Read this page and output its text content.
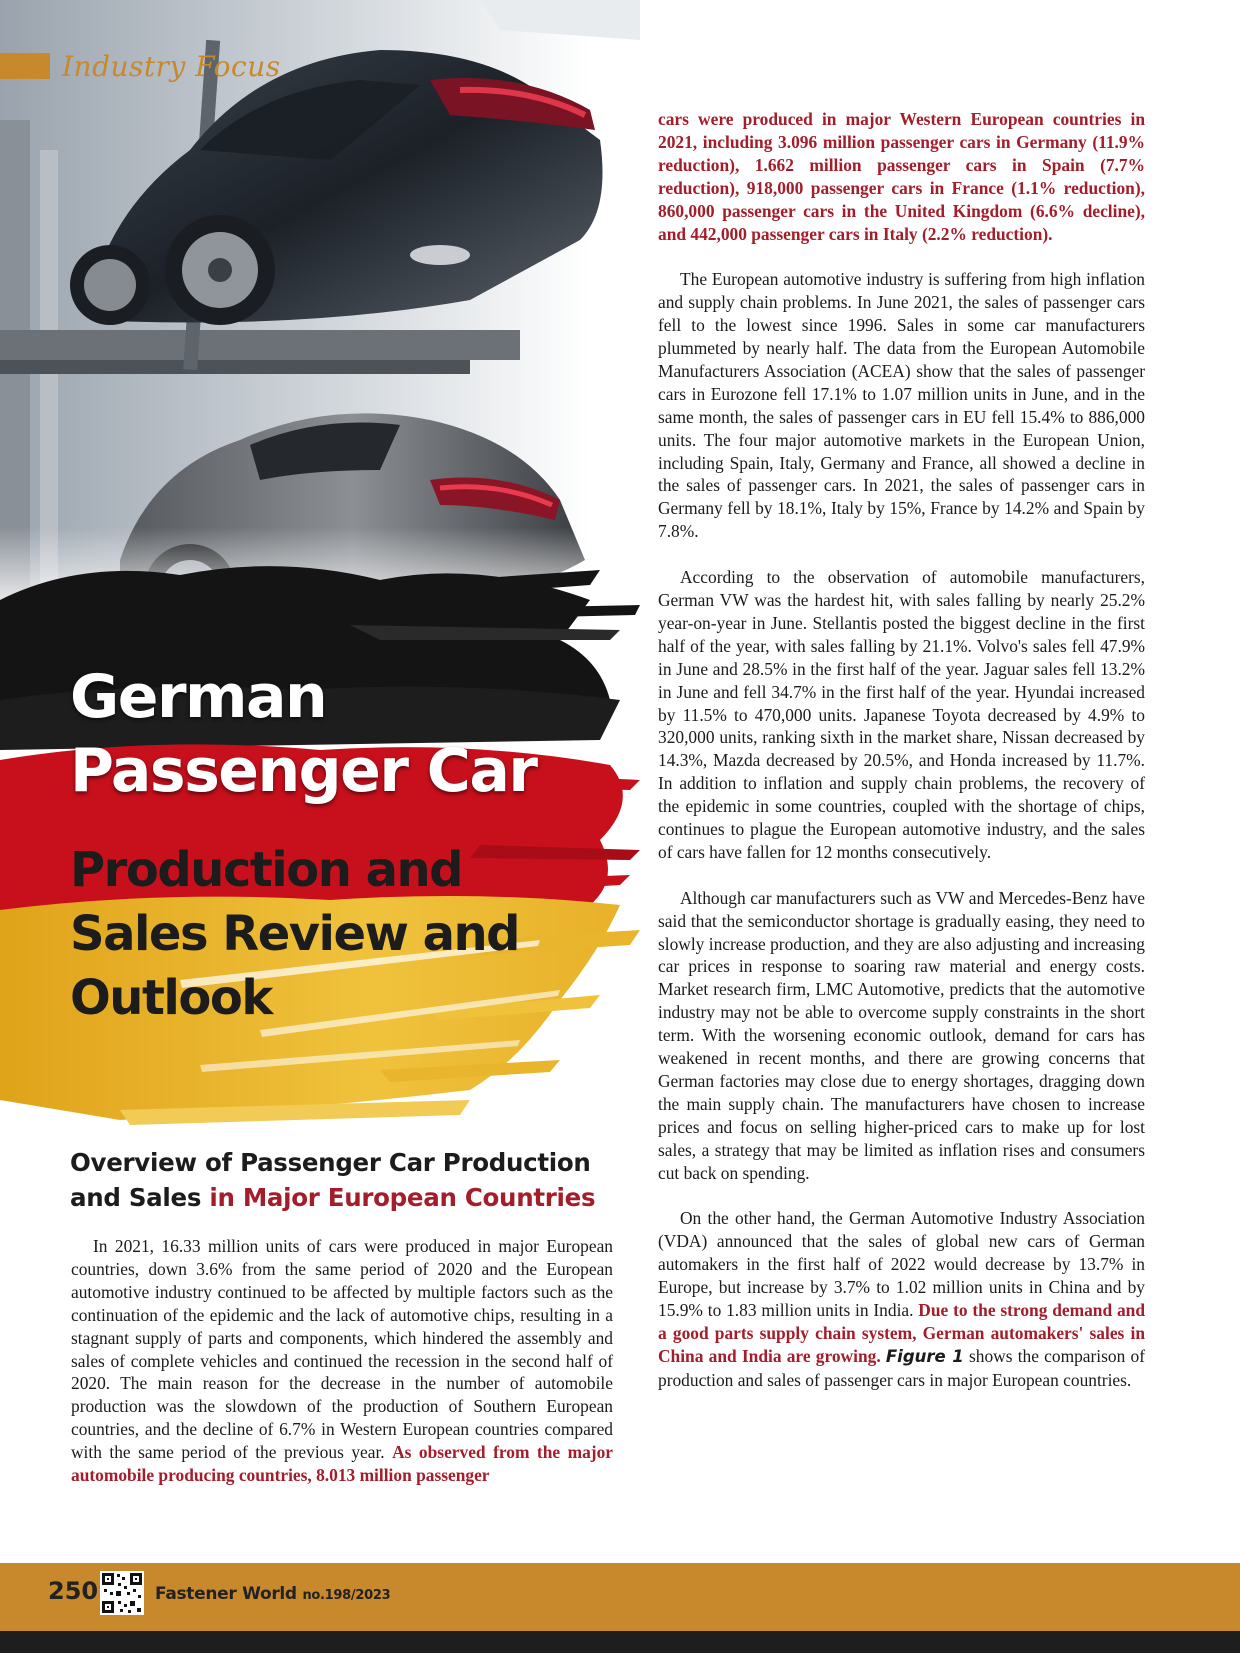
Industry Focus
German
Passenger Car
Production and
Sales Review and
Outlook
Overview of Passenger Car Production and Sales in Major European Countries

In 2021, 16.33 million units of cars were produced in major European countries, down 3.6% from the same period of 2020 and the European automotive industry continued to be affected by multiple factors such as the continuation of the epidemic and the lack of automotive chips, resulting in a stagnant supply of parts and components, which hindered the assembly and sales of complete vehicles and continued the recession in the second half of 2020. The main reason for the decrease in the number of automobile production was the slowdown of the production of Southern European countries, and the decline of 6.7% in Western European countries compared with the same period of the previous year. As observed from the major automobile producing countries, 8.013 million passenger

cars were produced in major Western European countries in 2021, including 3.096 million passenger cars in Germany (11.9% reduction), 1.662 million passenger cars in Spain (7.7% reduction), 918,000 passenger cars in France (1.1% reduction), 860,000 passenger cars in the United Kingdom (6.6% decline), and 442,000 passenger cars in Italy (2.2% reduction).

The European automotive industry is suffering from high inflation and supply chain problems. In June 2021, the sales of passenger cars fell to the lowest since 1996. Sales in some car manufacturers plummeted by nearly half. The data from the European Automobile Manufacturers Association (ACEA) show that the sales of passenger cars in Eurozone fell 17.1% to 1.07 million units in June, and in the same month, the sales of passenger cars in EU fell 15.4% to 886,000 units. The four major automotive markets in the European Union, including Spain, Italy, Germany and France, all showed a decline in the sales of passenger cars. In 2021, the sales of passenger cars in Germany fell by 18.1%, Italy by 15%, France by 14.2% and Spain by 7.8%.

According to the observation of automobile manufacturers, German VW was the hardest hit, with sales falling by nearly 25.2% year-on-year in June. Stellantis posted the biggest decline in the first half of the year, with sales falling by 21.1%. Volvo's sales fell 47.9% in June and 28.5% in the first half of the year. Jaguar sales fell 13.2% in June and fell 34.7% in the first half of the year. Hyundai increased by 11.5% to 470,000 units. Japanese Toyota decreased by 4.9% to 320,000 units, ranking sixth in the market share, Nissan decreased by 14.3%, Mazda decreased by 20.5%, and Honda increased by 11.7%. In addition to inflation and supply chain problems, the recovery of the epidemic in some countries, coupled with the shortage of chips, continues to plague the European automotive industry, and the sales of cars have fallen for 12 months consecutively.

Although car manufacturers such as VW and Mercedes-Benz have said that the semiconductor shortage is gradually easing, they need to slowly increase production, and they are also adjusting and increasing car prices in response to soaring raw material and energy costs. Market research firm, LMC Automotive, predicts that the automotive industry may not be able to overcome supply constraints in the short term. With the worsening economic outlook, demand for cars has weakened in recent months, and there are growing concerns that German factories may close due to energy shortages, dragging down the main supply chain. The manufacturers have chosen to increase prices and focus on selling higher-priced cars to make up for lost sales, a strategy that may be limited as inflation rises and consumers cut back on spending.

On the other hand, the German Automotive Industry Association (VDA) announced that the sales of global new cars of German automakers in the first half of 2022 would decrease by 13.7% in Europe, but increase by 3.7% to 1.02 million units in China and by 15.9% to 1.83 million units in India. Due to the strong demand and a good parts supply chain system, German automakers' sales in China and India are growing. Figure 1 shows the comparison of production and sales of passenger cars in major European countries.

250	Fastener World no.198/2023
